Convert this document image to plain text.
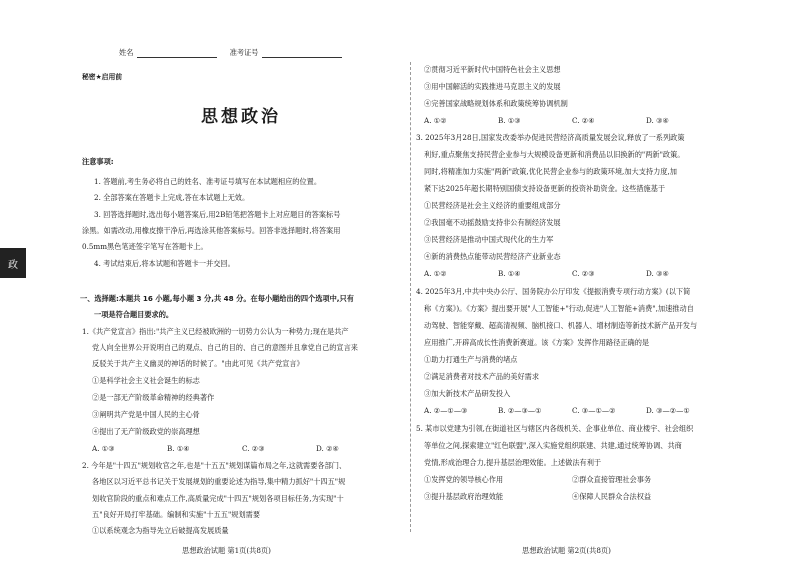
政
姓名	准考证号
秘密★启用前
思想政治
注意事项:
1. 答题前,考生务必将自己的姓名、准考证号填写在本试题相应的位置。
2. 全部答案在答题卡上完成,答在本试题上无效。
3. 回答选择题时,选出每小题答案后,用2B铅笔把答题卡上对应题目的答案标号
涂黑。如需改动,用橡皮擦干净后,再选涂其他答案标号。回答非选择题时,将答案用
0.5mm黑色笔迹签字笔写在答题卡上。
4. 考试结束后,将本试题和答题卡一并交回。
一、选择题:本题共 16 小题,每小题 3 分,共 48 分。在每小题给出的四个选项中,只有
一项是符合题目要求的。
1.《共产党宣言》指出:"共产主义已经被欧洲的一切势力公认为一种势力;现在是共产
党人向全世界公开说明自己的观点、自己的目的、自己的意图并且拿党自己的宣言来
反驳关于共产主义幽灵的神话的时候了。"由此可见《共产党宣言》
①是科学社会主义社会诞生的标志
②是一部无产阶级革命精神的经典著作
③阐明共产党是中国人民的主心骨
④提出了无产阶级政党的崇高理想
A. ①③	B. ①④	C. ②③	D. ②④
2. 今年是"十四五"规划收官之年,也是"十五五"规划谋篇布局之年,这就需要各部门、
各地区以习近平总书记关于发展规划的重要论述为指导,集中精力抓好"十四五"规
划收官阶段的重点和难点工作,高质量完成"十四五"规划各项目标任务,为实现"十
五"良好开局打牢基础。编制和实施"十五五"规划需要
①以系统观念为指导先立后破提高发展质量
思想政治试题 第1页(共8页)
②贯彻习近平新时代中国特色社会主义思想
③用中国解活的实践推进马克思主义的发展
④完善国家战略规划体系和政策统筹协调机制
A. ①②	B. ①③	C. ②④	D. ③④
3. 2025年3月28日,国家发改委举办促进民营经济高质量发展会议,释放了一系列政策
利好,重点聚焦支持民营企业参与大规模设备更新和消费品以旧换新的"两新"政策。
同时,将精准加力实施"两新"政策,优化民营企业参与的政策环境,加大支持力度,加
紧下达2025年超长期特别国债支持设备更新的投资补助资金。这些措施基于
①民营经济是社会主义经济的重要组成部分
②我国毫不动摇鼓励支持非公有制经济发展
③民营经济是推动中国式现代化的生力军
④新的消费热点能带动民营经济产业新业态
A. ①②	B. ①④	C. ②③	D. ③④
4. 2025年3月,中共中央办公厅、国务院办公厅印发《提振消费专项行动方案》(以下简
称《方案》)。《方案》提出要开展"人工智能+"行动,促进"人工智能+消费",加速推动自
动驾驶、智能穿戴、超高清视频、脑机接口、机器人、增材制造等新技术新产品开发与
应用推广,开辟高成长性消费新赛道。该《方案》发挥作用路径正确的是
①助力打通生产与消费的堵点
②满足消费者对技术产品的美好需求
③加大新技术产品研发投入
A. ②—①—③	B. ②—③—①	C. ③—①—②	D. ③—②—①
5. 某市以党建为引领,在街道社区与辖区内各级机关、企事业单位、商业楼宇、社会组织
等单位之间,探索建立"红色联盟",深入实施党组织联建、共建,通过统筹协调、共商
党情,形成治理合力,提升基层治理效能。上述做法有利于
①发挥党的领导核心作用	②群众直接管理社会事务
③提升基层政府治理效能	④保障人民群众合法权益
思想政治试题 第2页(共8页)
